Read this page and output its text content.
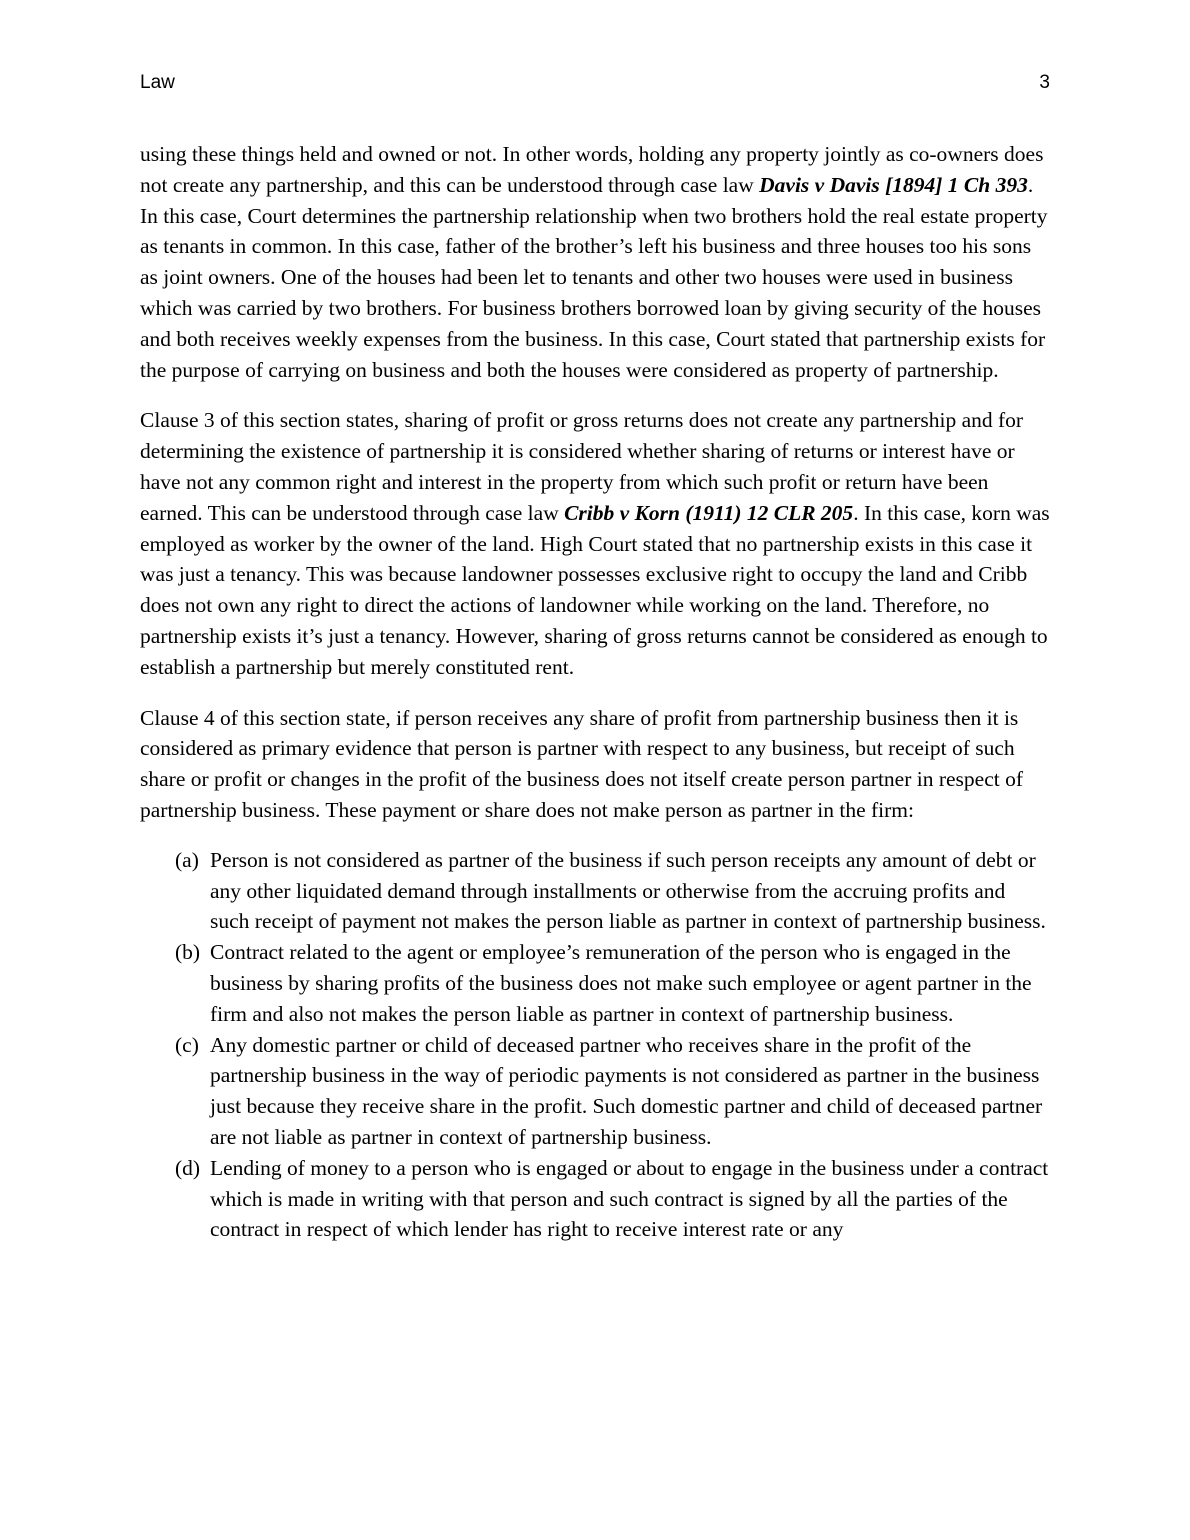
Law	3

using these things held and owned or not. In other words, holding any property jointly as co-owners does not create any partnership, and this can be understood through case law Davis v Davis [1894] 1 Ch 393. In this case, Court determines the partnership relationship when two brothers hold the real estate property as tenants in common. In this case, father of the brother’s left his business and three houses too his sons as joint owners. One of the houses had been let to tenants and other two houses were used in business which was carried by two brothers. For business brothers borrowed loan by giving security of the houses and both receives weekly expenses from the business. In this case, Court stated that partnership exists for the purpose of carrying on business and both the houses were considered as property of partnership.

Clause 3 of this section states, sharing of profit or gross returns does not create any partnership and for determining the existence of partnership it is considered whether sharing of returns or interest have or have not any common right and interest in the property from which such profit or return have been earned. This can be understood through case law Cribb v Korn (1911) 12 CLR 205. In this case, korn was employed as worker by the owner of the land. High Court stated that no partnership exists in this case it was just a tenancy. This was because landowner possesses exclusive right to occupy the land and Cribb does not own any right to direct the actions of landowner while working on the land. Therefore, no partnership exists it’s just a tenancy. However, sharing of gross returns cannot be considered as enough to establish a partnership but merely constituted rent.

Clause 4 of this section state, if person receives any share of profit from partnership business then it is considered as primary evidence that person is partner with respect to any business, but receipt of such share or profit or changes in the profit of the business does not itself create person partner in respect of partnership business. These payment or share does not make person as partner in the firm:

(a) Person is not considered as partner of the business if such person receipts any amount of debt or any other liquidated demand through installments or otherwise from the accruing profits and such receipt of payment not makes the person liable as partner in context of partnership business.
(b) Contract related to the agent or employee’s remuneration of the person who is engaged in the business by sharing profits of the business does not make such employee or agent partner in the firm and also not makes the person liable as partner in context of partnership business.
(c) Any domestic partner or child of deceased partner who receives share in the profit of the partnership business in the way of periodic payments is not considered as partner in the business just because they receive share in the profit. Such domestic partner and child of deceased partner are not liable as partner in context of partnership business.
(d) Lending of money to a person who is engaged or about to engage in the business under a contract which is made in writing with that person and such contract is signed by all the parties of the contract in respect of which lender has right to receive interest rate or any
